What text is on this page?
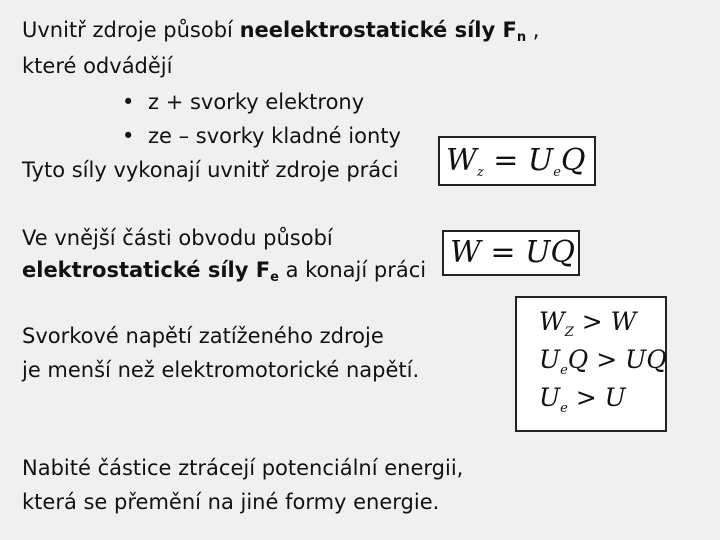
Uvnitř zdroje působí neelektrostatické síly $F_n$ ,
které odvádějí
• z + svorky elektrony
• ze – svorky kladné ionty
Tyto síly vykonají uvnitř zdroje práci $W_z = U_eQ$
Ve vnější části obvodu působí
elektrostatické síly $F_e$ a konají práci W = UQ
Svorkové napětí zatíženého zdroje
je menší než elektromotorické napětí.
$W_Z > W$
$U_eQ$ > UQ
$U_e > U$
Nabité částice ztrácejí potenciální energii,
která se přemění na jiné formy energie.
